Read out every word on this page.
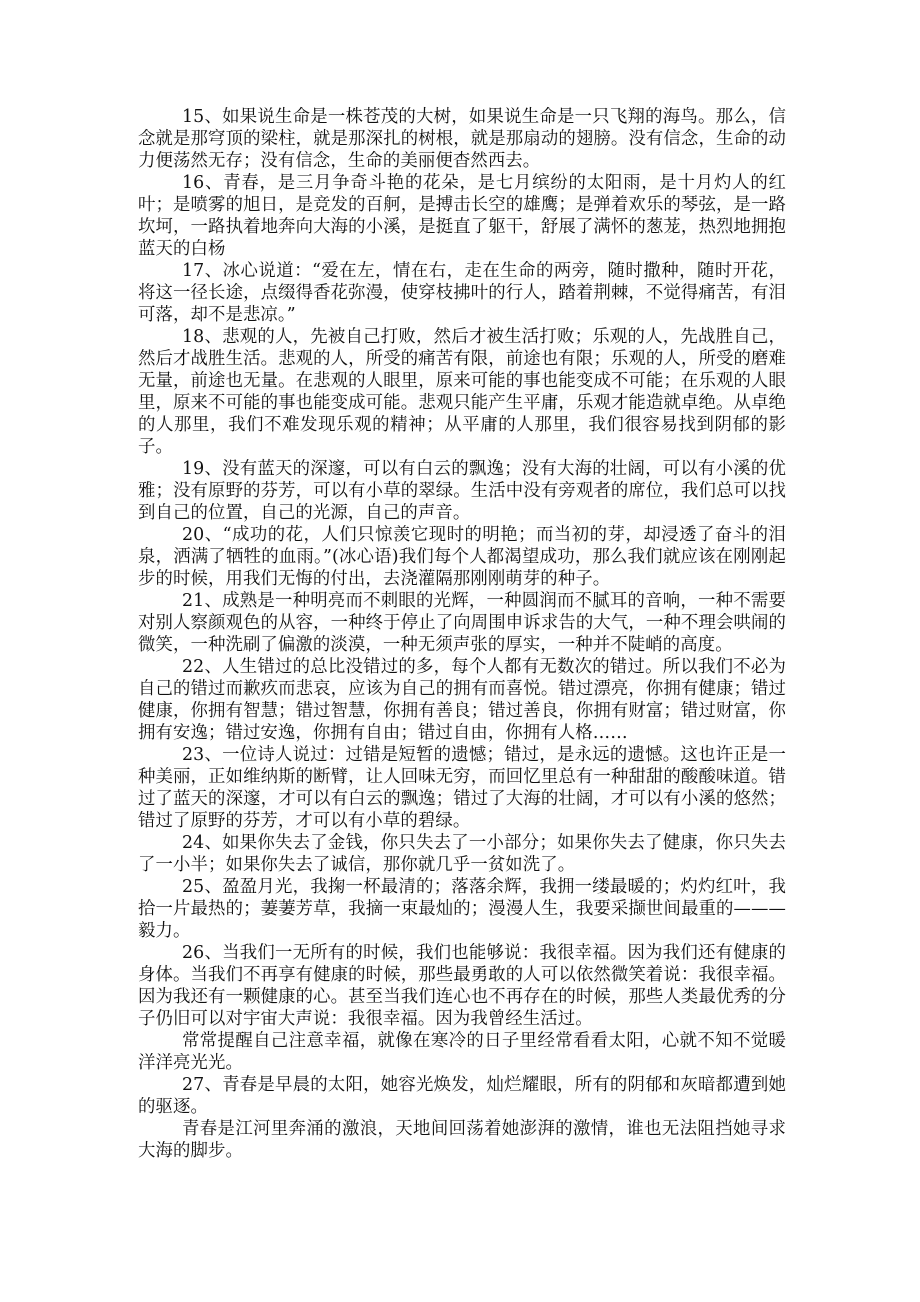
15、如果说生命是一株苍茂的大树，如果说生命是一只飞翔的海鸟。那么，信念就是那穹顶的梁柱，就是那深扎的树根，就是那扇动的翅膀。没有信念，生命的动力便荡然无存；没有信念，生命的美丽便杳然西去。

16、青春，是三月争奇斗艳的花朵，是七月缤纷的太阳雨，是十月灼人的红叶；是喷雾的旭日，是竞发的百舸，是搏击长空的雄鹰；是弹着欢乐的琴弦，是一路坎坷，一路执着地奔向大海的小溪，是挺直了躯干，舒展了满怀的葱茏，热烈地拥抱蓝天的白杨

17、冰心说道：“爱在左，情在右，走在生命的两旁，随时撒种，随时开花，将这一径长途，点缀得香花弥漫，使穿枝拂叶的行人，踏着荆棘，不觉得痛苦，有泪可落，却不是悲凉。”

18、悲观的人，先被自己打败，然后才被生活打败；乐观的人，先战胜自己，然后才战胜生活。悲观的人，所受的痛苦有限，前途也有限；乐观的人，所受的磨难无量，前途也无量。在悲观的人眼里，原来可能的事也能变成不可能；在乐观的人眼里，原来不可能的事也能变成可能。悲观只能产生平庸，乐观才能造就卓绝。从卓绝的人那里，我们不难发现乐观的精神；从平庸的人那里，我们很容易找到阴郁的影子。

19、没有蓝天的深邃，可以有白云的飘逸；没有大海的壮阔，可以有小溪的优雅；没有原野的芬芳，可以有小草的翠绿。生活中没有旁观者的席位，我们总可以找到自己的位置，自己的光源，自己的声音。

20、“成功的花，人们只惊羡它现时的明艳；而当初的芽，却浸透了奋斗的泪泉，洒满了牺牲的血雨。”(冰心语)我们每个人都渴望成功，那么我们就应该在刚刚起步的时候，用我们无悔的付出，去浇灌隔那刚刚萌芽的种子。

21、成熟是一种明亮而不刺眼的光辉，一种圆润而不腻耳的音响，一种不需要对别人察颜观色的从容，一种终于停止了向周围申诉求告的大气，一种不理会哄闹的微笑，一种洗刷了偏激的淡漠，一种无须声张的厚实，一种并不陡峭的高度。

22、人生错过的总比没错过的多，每个人都有无数次的错过。所以我们不必为自己的错过而歉疚而悲哀，应该为自己的拥有而喜悦。错过漂亮，你拥有健康；错过健康，你拥有智慧；错过智慧，你拥有善良；错过善良，你拥有财富；错过财富，你拥有安逸；错过安逸，你拥有自由；错过自由，你拥有人格……

23、一位诗人说过：过错是短暂的遗憾；错过，是永远的遗憾。这也许正是一种美丽，正如维纳斯的断臂，让人回味无穷，而回忆里总有一种甜甜的酸酸味道。错过了蓝天的深邃，才可以有白云的飘逸；错过了大海的壮阔，才可以有小溪的悠然；错过了原野的芬芳，才可以有小草的碧绿。

24、如果你失去了金钱，你只失去了一小部分；如果你失去了健康，你只失去了一小半；如果你失去了诚信，那你就几乎一贫如洗了。

25、盈盈月光，我掬一杯最清的；落落余辉，我拥一缕最暖的；灼灼红叶，我拾一片最热的；萋萋芳草，我摘一束最灿的；漫漫人生，我要采撷世间最重的———毅力。

26、当我们一无所有的时候，我们也能够说：我很幸福。因为我们还有健康的身体。当我们不再享有健康的时候，那些最勇敢的人可以依然微笑着说：我很幸福。因为我还有一颗健康的心。甚至当我们连心也不再存在的时候，那些人类最优秀的分子仍旧可以对宇宙大声说：我很幸福。因为我曾经生活过。

常常提醒自己注意幸福，就像在寒冷的日子里经常看看太阳，心就不知不觉暖洋洋亮光光。

27、青春是早晨的太阳，她容光焕发，灿烂耀眼，所有的阴郁和灰暗都遭到她的驱逐。

青春是江河里奔涌的激浪，天地间回荡着她澎湃的激情，谁也无法阻挡她寻求大海的脚步。
